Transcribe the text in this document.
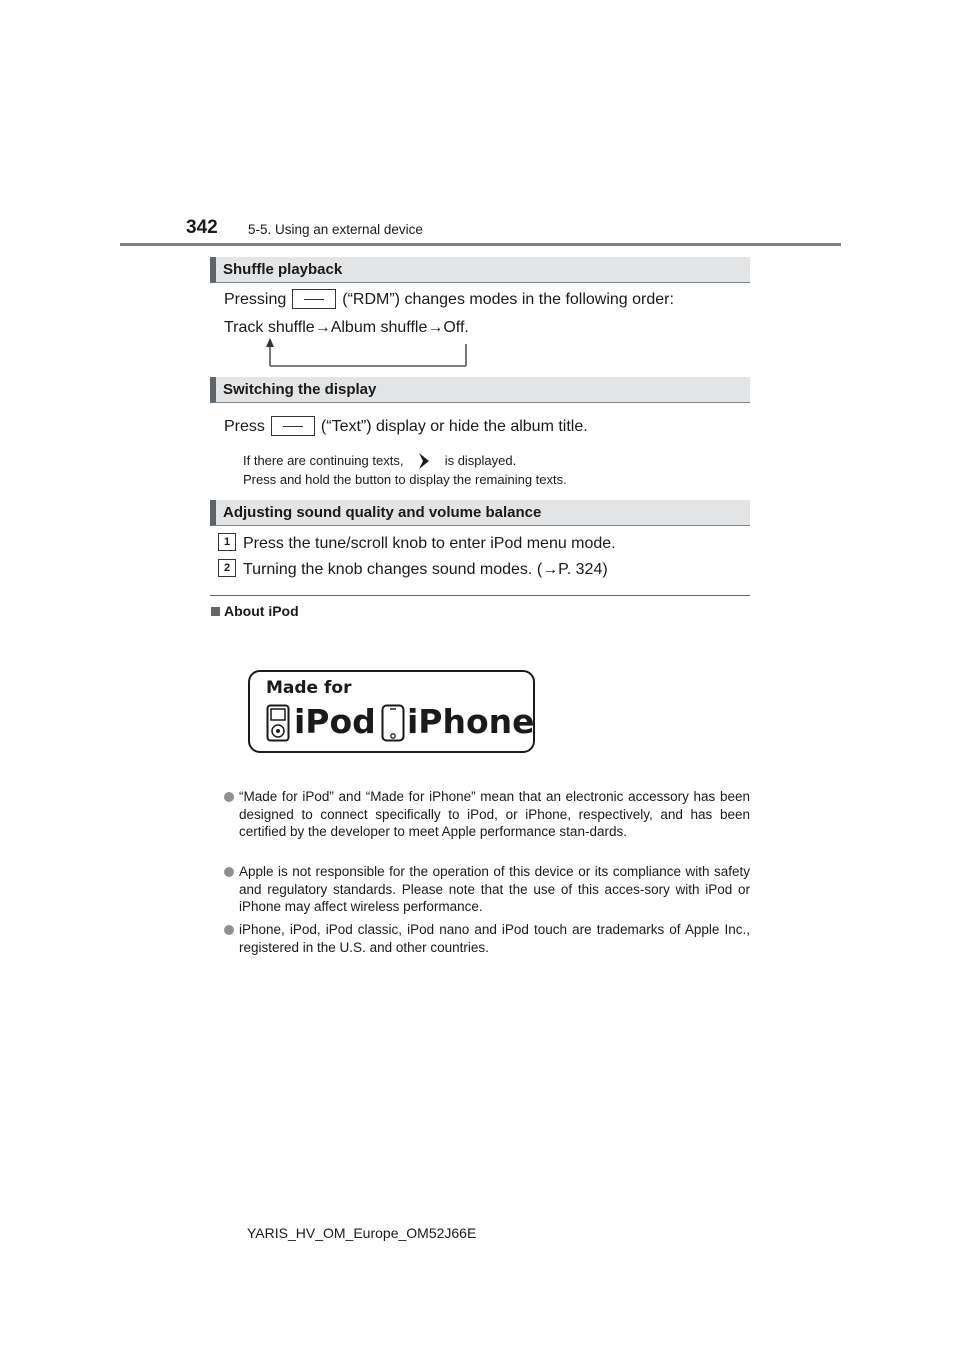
342 5-5. Using an external device
Shuffle playback
Pressing	(“RDM”) changes modes in the following order:
Track shuffle→Album shuffle→Off.
Switching the display
Press	(“Text”) display or hide the album title.
If there are continuing texts,	is displayed.
Press and hold the button to display the remaining texts.
Adjusting sound quality and volume balance
1 Press the tune/scroll knob to enter iPod menu mode.
2 Turning the knob changes sound modes. (→P. 324)
About iPod
Made for
iPod iPhone

“Made for iPod” and “Made for iPhone” mean that an electronic accessory has been designed to connect specifically to iPod, or iPhone, respectively, and has been certified by the developer to meet Apple performance stan-dards.

Apple is not responsible for the operation of this device or its compliance with safety and regulatory standards. Please note that the use of this acces-sory with iPod or iPhone may affect wireless performance.

iPhone, iPod, iPod classic, iPod nano and iPod touch are trademarks of Apple Inc., registered in the U.S. and other countries.

YARIS_HV_OM_Europe_OM52J66E
